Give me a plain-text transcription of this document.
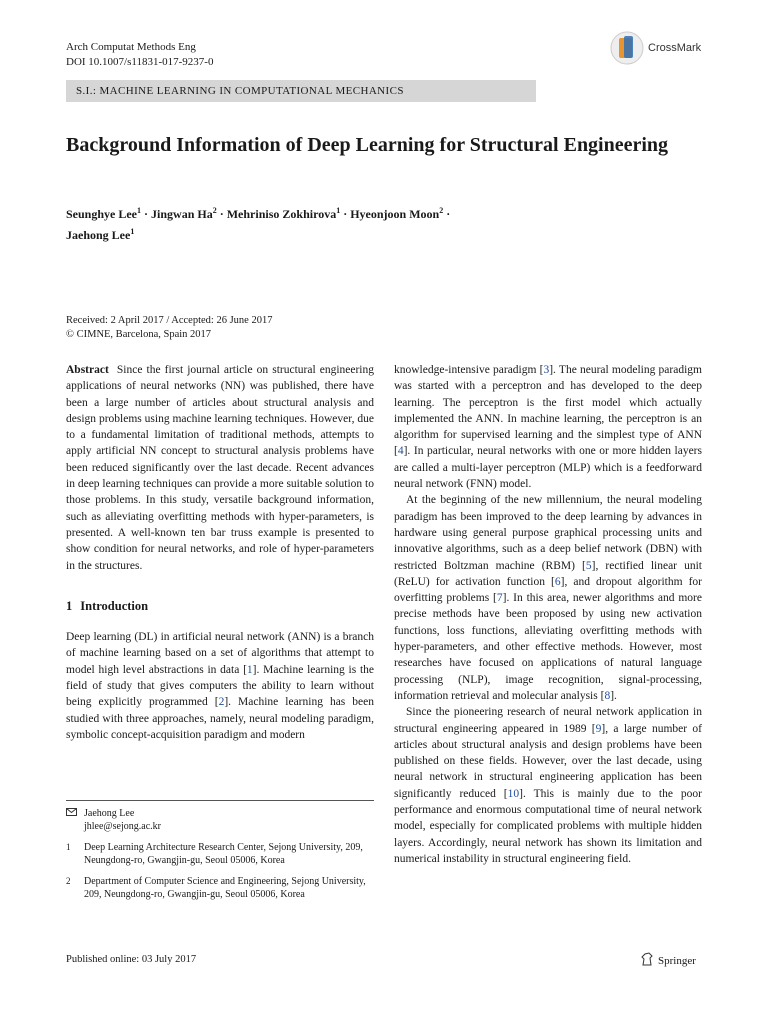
Arch Computat Methods Eng
DOI 10.1007/s11831-017-9237-0
CrossMark
S.I.: MACHINE LEARNING IN COMPUTATIONAL MECHANICS
Background Information of Deep Learning for Structural Engineering
Seunghye Lee$^1$ · Jingwan $Ha^2$ · Mehriniso Zokhirova$^1$ · Hyeonjoon Moon$^2$ ·
Jaehong Lee$^1$
Received: 2 April 2017 / Accepted: 26 June 2017
© CIMNE, Barcelona, Spain 2017

Abstract Since the first journal article on structural engineering applications of neural networks (NN) was published, there have been a large number of articles about structural analysis and design problems using machine learning techniques. However, due to a fundamental limitation of traditional methods, attempts to apply artificial NN concept to structural analysis problems have been reduced significantly over the last decade. Recent advances in deep learning techniques can provide a more suitable solution to those problems. In this study, versatile background information, such as alleviating overfitting methods with hyper-parameters, is presented. A well-known ten bar truss example is presented to show condition for neural networks, and role of hyper-parameters in the structures.

1 Introduction

Deep learning (DL) in artificial neural network (ANN) is a branch of machine learning based on a set of algorithms that attempt to model high level abstractions in data [1]. Machine learning is the field of study that gives computers the ability to learn without being explicitly programmed [2]. Machine learning has been studied with three approaches, namely, neural modeling paradigm, symbolic concept-acquisition paradigm and modern

Jaehong Lee
jhlee@sejong.ac.kr
1	Deep Learning Architecture Research Center, Sejong University, 209, Neungdong-ro, Gwangjin-gu, Seoul 05006, Korea
2	Department of Computer Science and Engineering, Sejong University, 209, Neungdong-ro, Gwangjin-gu, Seoul 05006, Korea

knowledge-intensive paradigm [3]. The neural modeling paradigm was started with a perceptron and has developed to the deep learning. The perceptron is the first model which actually implemented the ANN. In machine learning, the perceptron is an algorithm for supervised learning and the simplest type of ANN [4]. In particular, neural networks with one or more hidden layers are called a multi-layer perceptron (MLP) which is a feedforward neural network (FNN) model.

At the beginning of the new millennium, the neural modeling paradigm has been improved to the deep learning by advances in hardware using general purpose graphical processing units and innovative algorithms, such as a deep belief network (DBN) with restricted Boltzman machine (RBM) [5], rectified linear unit (ReLU) for activation function [6], and dropout algorithm for overfitting problems [7]. In this area, newer algorithms and more precise methods have been proposed by using new activation functions, loss functions, alleviating overfitting methods with hyper-parameters, and other effective methods. However, most researches have focused on applications of natural language processing (NLP), image recognition, signal-processing, information retrieval and molecular analysis [8].

Since the pioneering research of neural network application in structural engineering appeared in 1989 [9], a large number of articles about structural analysis and design problems have been published on these fields. However, over the last decade, using neural network in structural engineering application has been significantly reduced [10]. This is mainly due to the poor performance and enormous computational time of neural network model, especially for complicated problems with multiple hidden layers. Accordingly, neural network has shown its limitation and numerical instability in structural engineering field.

Published online: 03 July 2017	Springer
